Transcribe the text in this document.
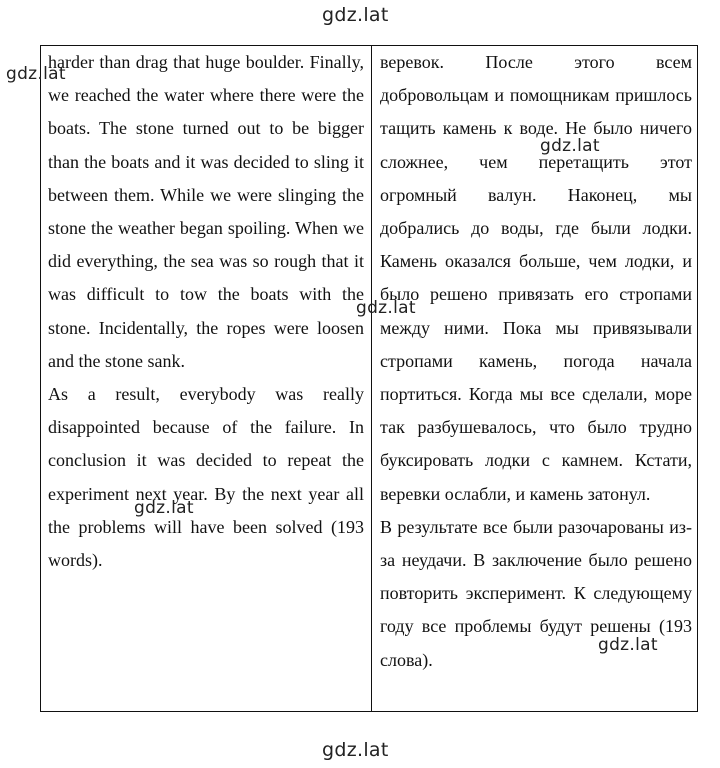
harder than drag that huge boulder. Finally, we reached the water where there were the boats. The stone turned out to be bigger than the boats and it was decided to sling it between them. While we were slinging the stone the weather began spoiling. When we did everything, the sea was so rough that it was difficult to tow the boats with the stone. Incidentally, the ropes were loosen and the stone sank.

As a result, everybody was really disappointed because of the failure. In conclusion it was decided to repeat the experiment next year. By the next year all the problems will have been solved (193 words).

веревок. После этого всем добровольцам и помощникам пришлось тащить камень к воде. Не было ничего сложнее, чем перетащить этот огромный валун. Наконец, мы добрались до воды, где были лодки. Камень оказался больше, чем лодки, и было решено привязать его стропами между ними. Пока мы привязывали стропами камень, погода начала портиться. Когда мы все сделали, море так разбушевалось, что было трудно буксировать лодки с камнем. Кстати, веревки ослабли, и камень затонул.

В результате все были разочарованы из-за неудачи. В заключение было решено повторить эксперимент. К следующему году все проблемы будут решены (193 слова).

gdz.lat
gdz.lat
gdz.lat
gdz.lat
gdz.lat
gdz.lat
gdz.lat
